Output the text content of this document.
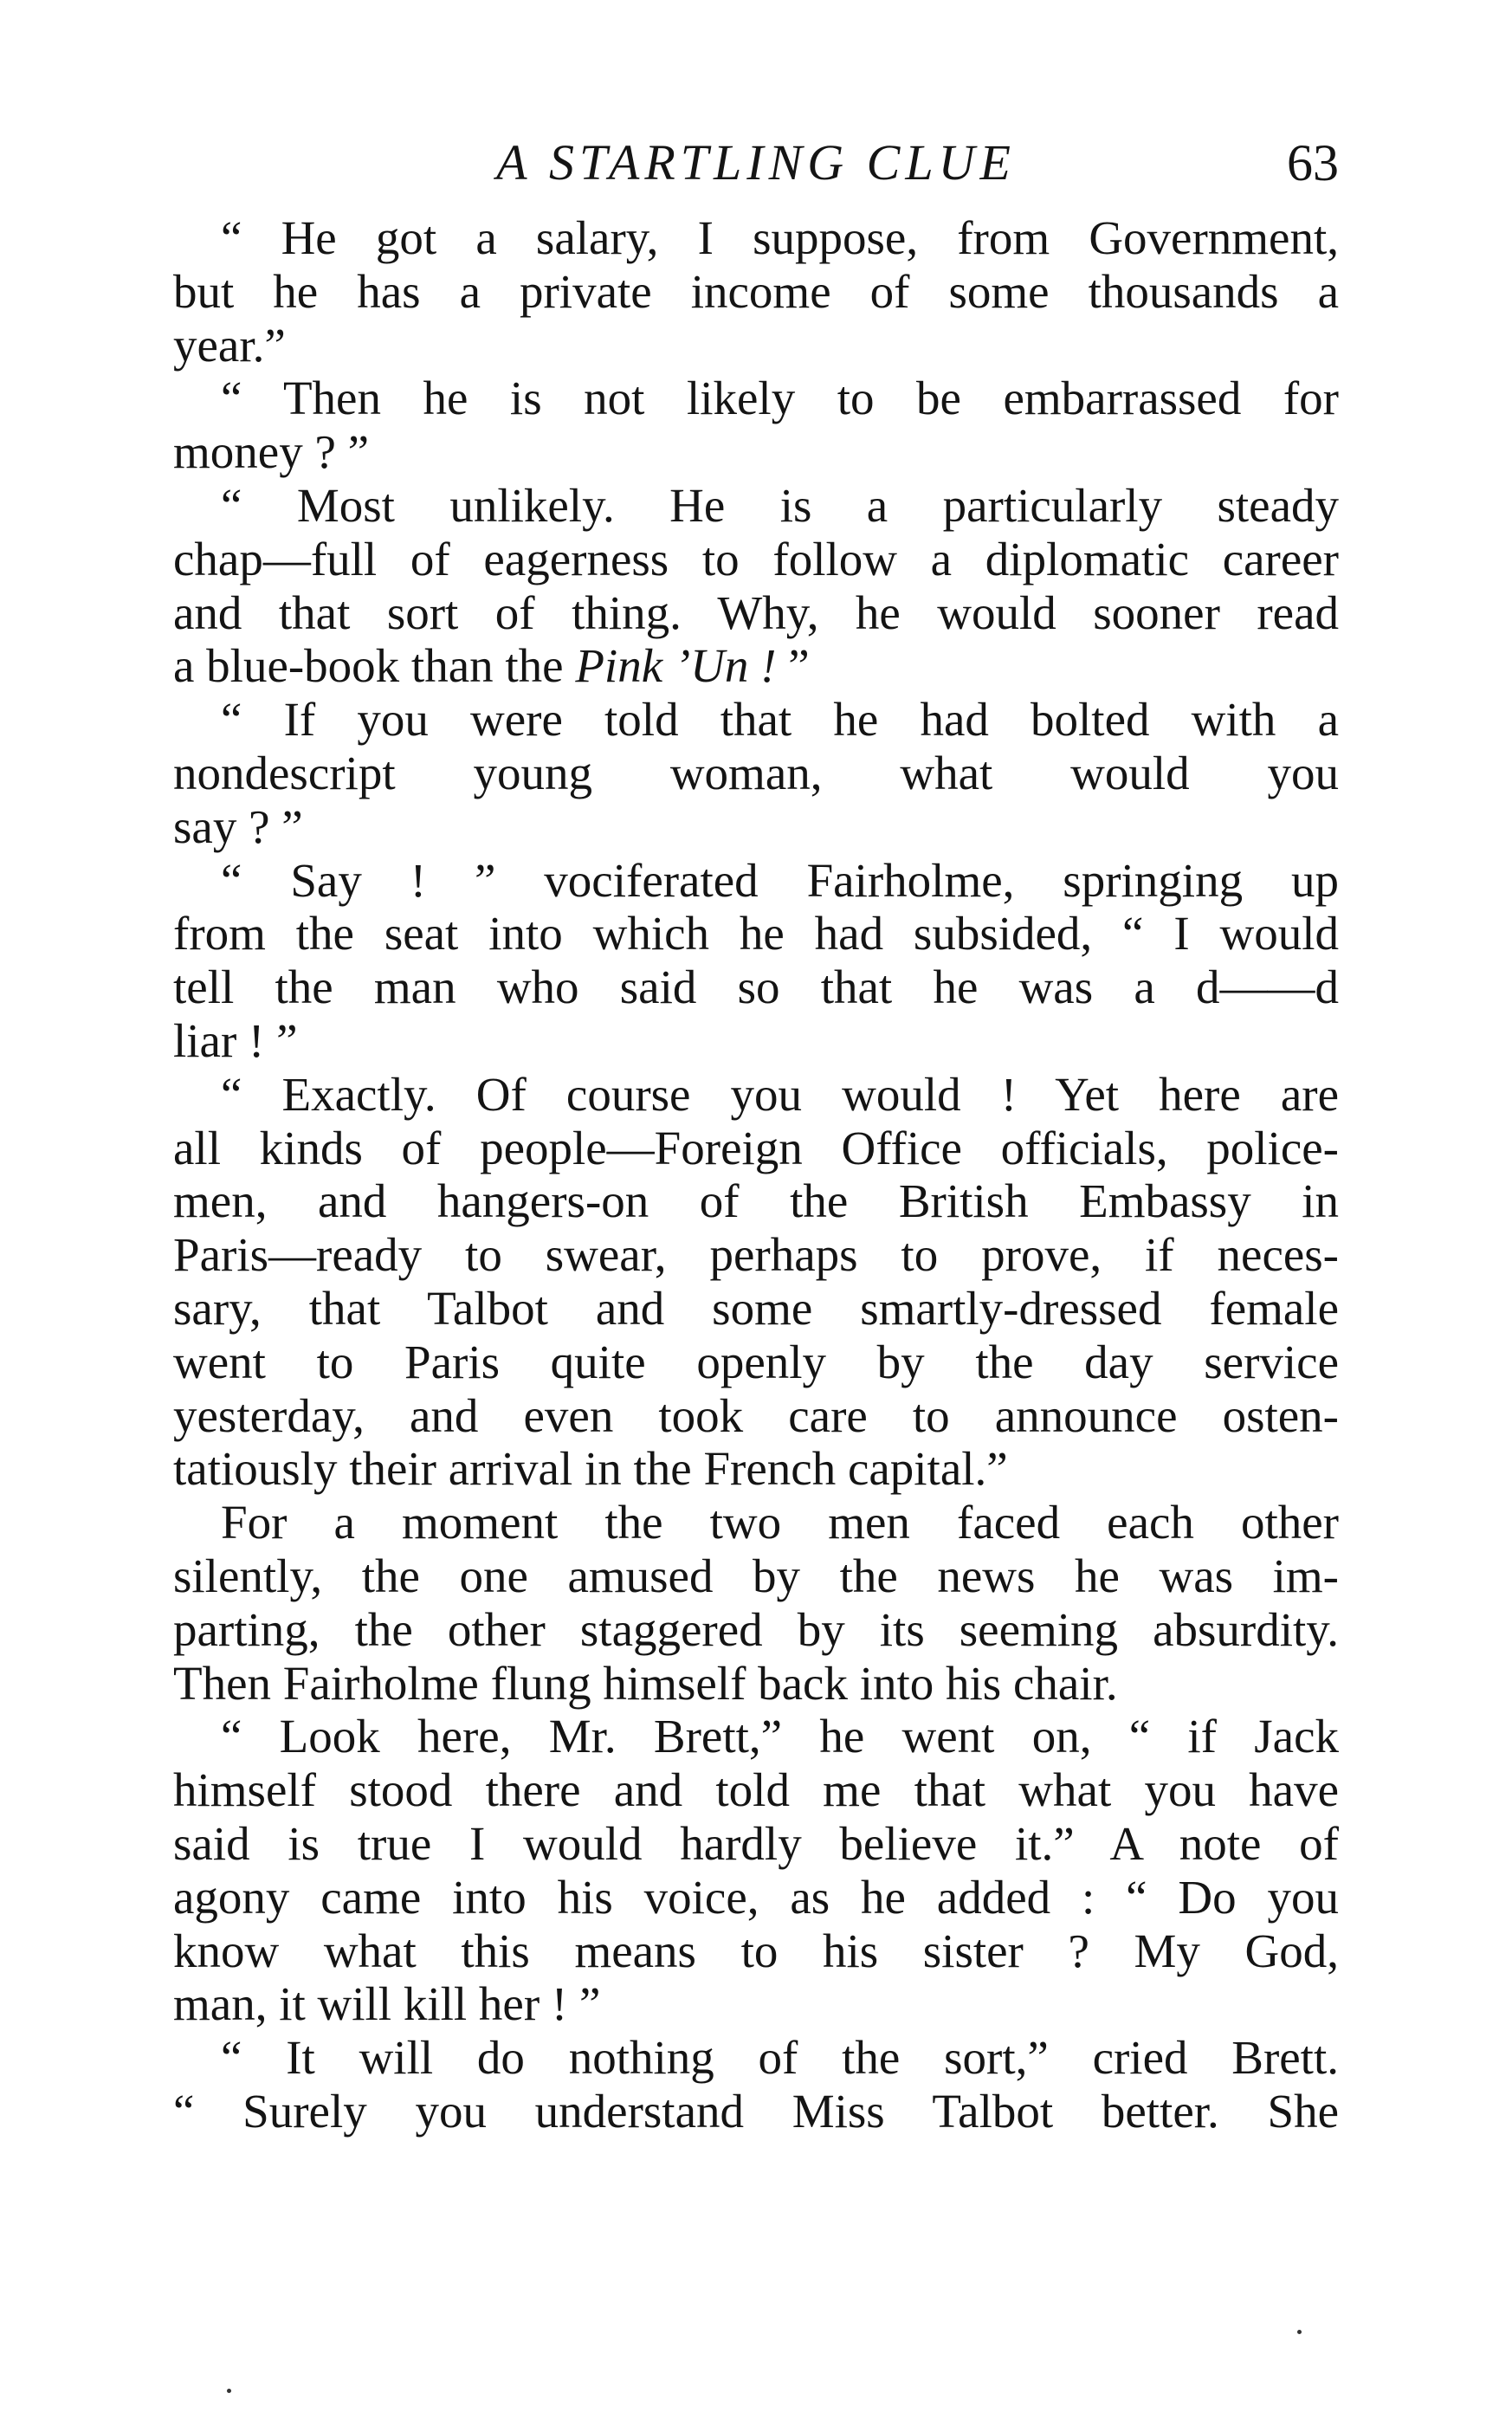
A STARTLING CLUE	63
“ He got a salary, I suppose, from Government,
but he has a private income of some thousands a
year.”
“ Then he is not likely to be embarrassed for
money ? ”
“ Most unlikely. He is a particularly steady
chap—full of eagerness to follow a diplomatic career
and that sort of thing. Why, he would sooner read
a blue-book than the Pink ’Un ! ”
“ If you were told that he had bolted with a
nondescript young woman, what would you
say ? ”
“ Say ! ” vociferated Fairholme, springing up
from the seat into which he had subsided, “ I would
tell the man who said so that he was a d——d
liar ! ”
“ Exactly. Of course you would ! Yet here are
all kinds of people—Foreign Office officials, police-
men, and hangers-on of the British Embassy in
Paris—ready to swear, perhaps to prove, if neces-
sary, that Talbot and some smartly-dressed female
went to Paris quite openly by the day service
yesterday, and even took care to announce osten-
tatiously their arrival in the French capital.”
For a moment the two men faced each other
silently, the one amused by the news he was im-
parting, the other staggered by its seeming absurdity.
Then Fairholme flung himself back into his chair.
“ Look here, Mr. Brett,” he went on, “ if Jack
himself stood there and told me that what you have
said is true I would hardly believe it.” A note of
agony came into his voice, as he added : “ Do you
know what this means to his sister ? My God,
man, it will kill her ! ”
“ It will do nothing of the sort,” cried Brett.
“ Surely you understand Miss Talbot better. She
